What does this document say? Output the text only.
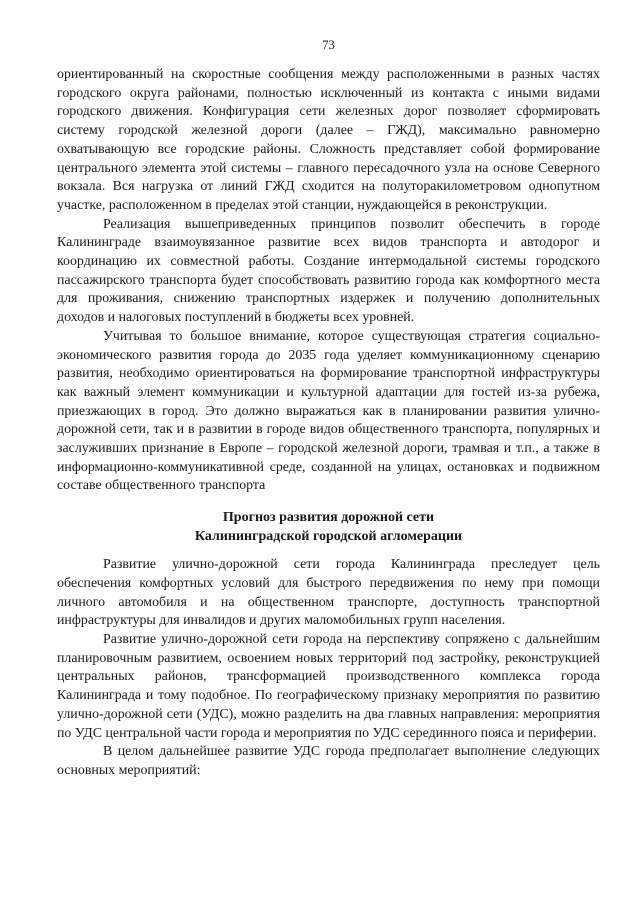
73

ориентированный на скоростные сообщения между расположенными в разных частях городского округа районами, полностью исключенный из контакта с иными видами городского движения. Конфигурация сети железных дорог позволяет сформировать систему городской железной дороги (далее – ГЖД), максимально равномерно охватывающую все городские районы. Сложность представляет собой формирование центрального элемента этой системы – главного пересадочного узла на основе Северного вокзала. Вся нагрузка от линий ГЖД сходится на полуторакилометровом однопутном участке, расположенном в пределах этой станции, нуждающейся в реконструкции.

Реализация вышеприведенных принципов позволит обеспечить в городе Калининграде взаимоувязанное развитие всех видов транспорта и автодорог и координацию их совместной работы. Создание интермодальной системы городского пассажирского транспорта будет способствовать развитию города как комфортного места для проживания, снижению транспортных издержек и получению дополнительных доходов и налоговых поступлений в бюджеты всех уровней.

Учитывая то большое внимание, которое существующая стратегия социально-экономического развития города до 2035 года уделяет коммуникационному сценарию развития, необходимо ориентироваться на формирование транспортной инфраструктуры как важный элемент коммуникации и культурной адаптации для гостей из-за рубежа, приезжающих в город. Это должно выражаться как в планировании развития улично-дорожной сети, так и в развитии в городе видов общественного транспорта, популярных и заслуживших признание в Европе – городской железной дороги, трамвая и т.п., а также в информационно-коммуникативной среде, созданной на улицах, остановках и подвижном составе общественного транспорта

Прогноз развития дорожной сети
Калининградской городской агломерации

Развитие улично-дорожной сети города Калининграда преследует цель обеспечения комфортных условий для быстрого передвижения по нему при помощи личного автомобиля и на общественном транспорте, доступность транспортной инфраструктуры для инвалидов и других маломобильных групп населения.

Развитие улично-дорожной сети города на перспективу сопряжено с дальнейшим планировочным развитием, освоением новых территорий под застройку, реконструкцией центральных районов, трансформацией производственного комплекса города Калининграда и тому подобное. По географическому признаку мероприятия по развитию улично-дорожной сети (УДС), можно разделить на два главных направления: мероприятия по УДС центральной части города и мероприятия по УДС серединного пояса и периферии.

В целом дальнейшее развитие УДС города предполагает выполнение следующих основных мероприятий:
